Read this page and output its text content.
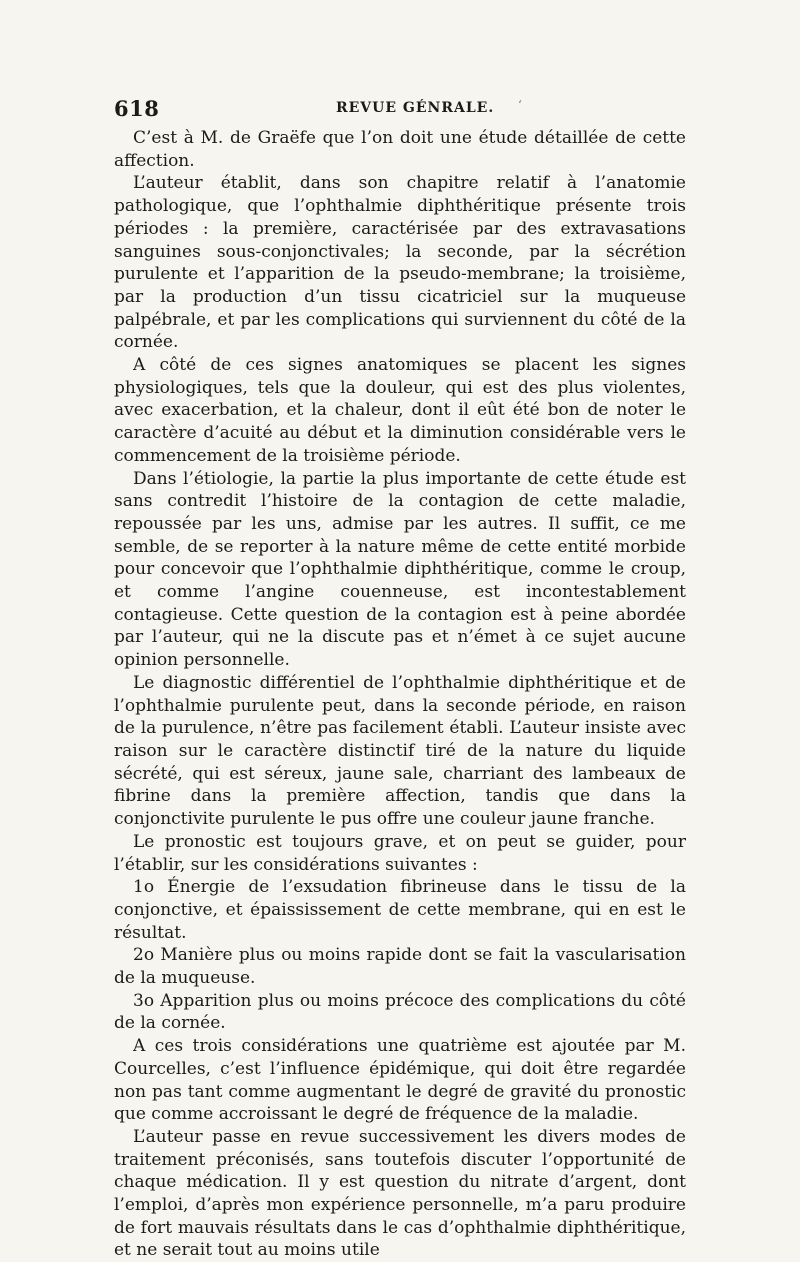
618	REVUE GÉNRALE. ‘

C’est à M. de Graëfe que l’on doit une étude détaillée de cette affection.

L’auteur établit, dans son chapitre relatif à l’anatomie pathologique, que l’ophthalmie diphthéritique présente trois périodes : la première, caractérisée par des extravasations sanguines sous-conjonctivales; la seconde, par la sécrétion purulente et l’apparition de la pseudo-membrane; la troisième, par la production d’un tissu cicatriciel sur la muqueuse palpébrale, et par les complications qui surviennent du côté de la cornée.

A côté de ces signes anatomiques se placent les signes physiologiques, tels que la douleur, qui est des plus violentes, avec exacerbation, et la chaleur, dont il eût été bon de noter le caractère d’acuité au début et la diminution considérable vers le commencement de la troisième période.

Dans l’étiologie, la partie la plus importante de cette étude est sans contredit l’histoire de la contagion de cette maladie, repoussée par les uns, admise par les autres. Il suffit, ce me semble, de se reporter à la nature même de cette entité morbide pour concevoir que l’ophthalmie diphthéritique, comme le croup, et comme l’angine couenneuse, est incontestablement contagieuse. Cette question de la contagion est à peine abordée par l’auteur, qui ne la discute pas et n’émet à ce sujet aucune opinion personnelle.

Le diagnostic différentiel de l’ophthalmie diphthéritique et de l’ophthalmie purulente peut, dans la seconde période, en raison de la purulence, n’être pas facilement établi. L’auteur insiste avec raison sur le caractère distinctif tiré de la nature du liquide sécrété, qui est séreux, jaune sale, charriant des lambeaux de fibrine dans la première affection, tandis que dans la conjonctivite purulente le pus offre une couleur jaune franche.

Le pronostic est toujours grave, et on peut se guider, pour l’établir, sur les considérations suivantes :

1o Énergie de l’exsudation fibrineuse dans le tissu de la conjonctive, et épaississement de cette membrane, qui en est le résultat.

2o Manière plus ou moins rapide dont se fait la vascularisation de la muqueuse.

3o Apparition plus ou moins précoce des complications du côté de la cornée.

A ces trois considérations une quatrième est ajoutée par M. Courcelles, c’est l’influence épidémique, qui doit être regardée non pas tant comme augmentant le degré de gravité du pronostic que comme accroissant le degré de fréquence de la maladie.

L’auteur passe en revue successivement les divers modes de traitement préconisés, sans toutefois discuter l’opportunité de chaque médication. Il y est question du nitrate d’argent, dont l’emploi, d’après mon expérience personnelle, m’a paru produire de fort mauvais résultats dans le cas d’ophthalmie diphthéritique, et ne serait tout au moins utile
